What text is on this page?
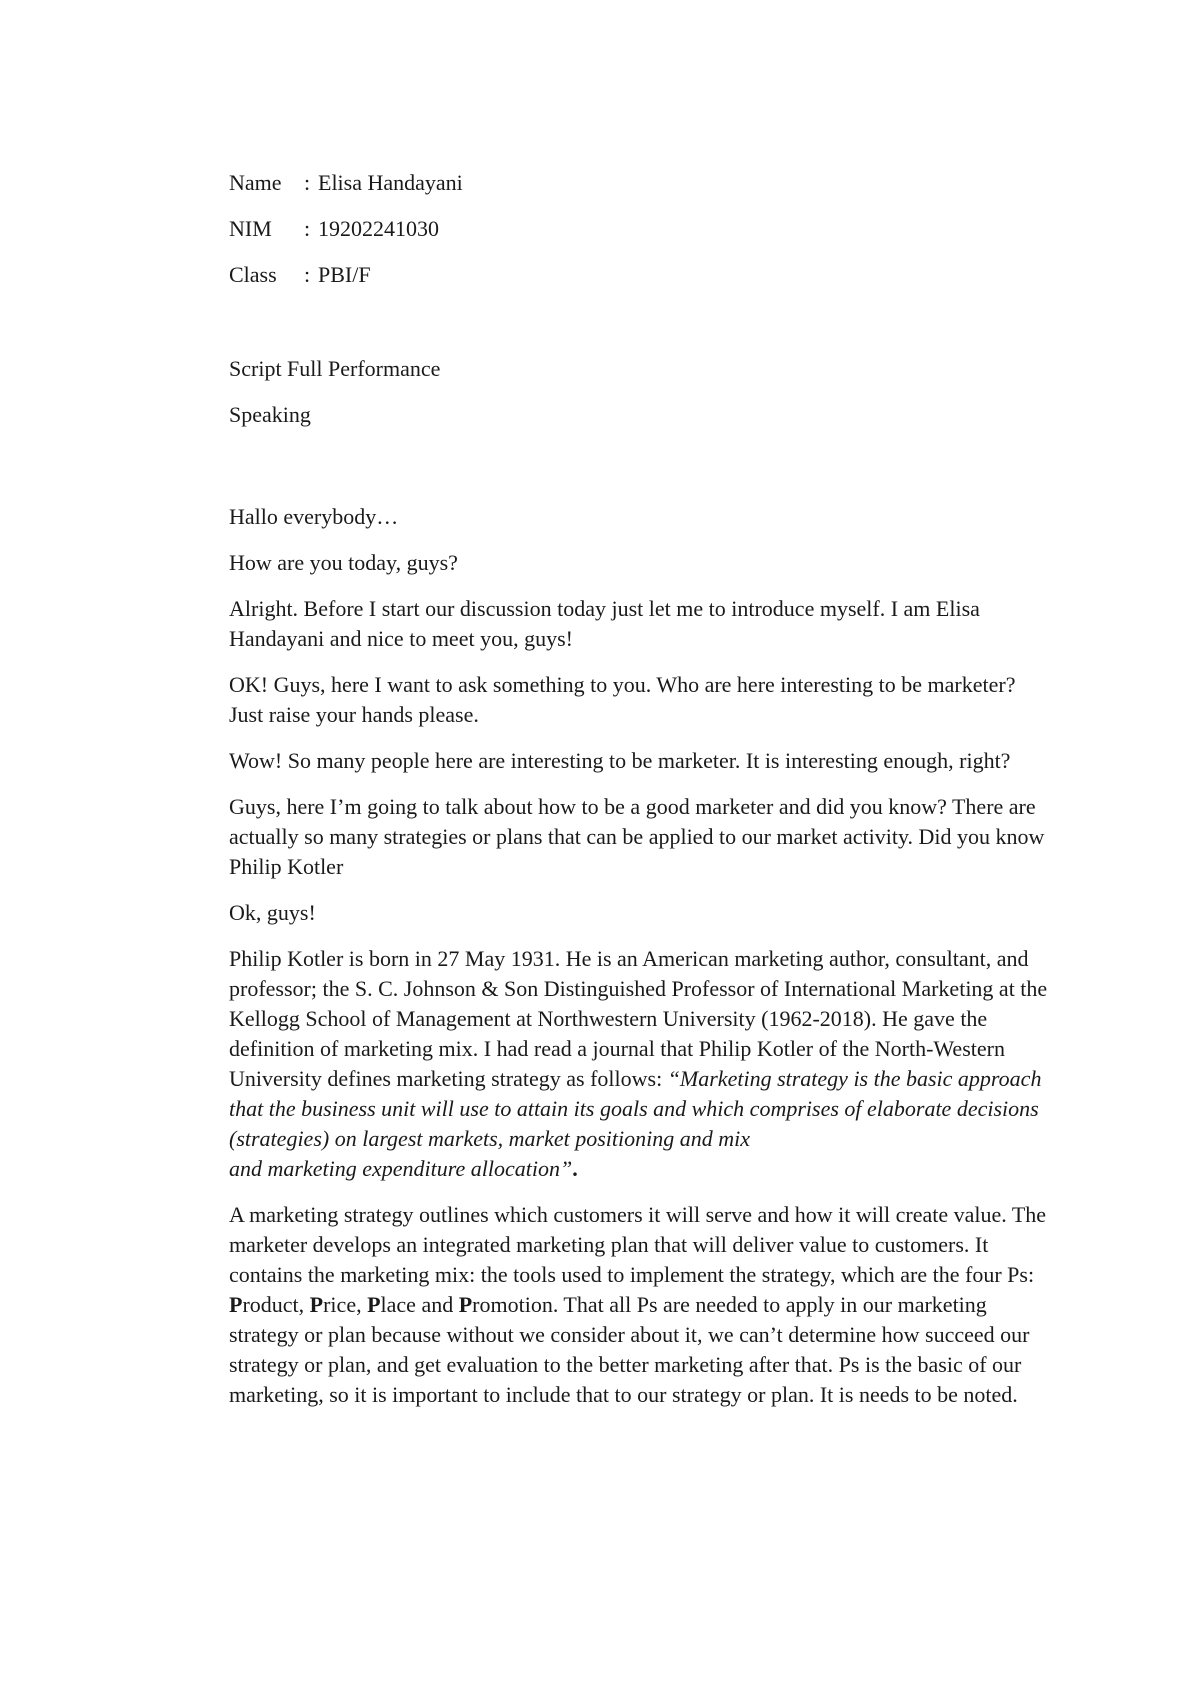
Name	: Elisa Handayani
NIM	: 19202241030
Class	: PBI/F
Script Full Performance
Speaking

Hallo everybody…

How are you today, guys?

Alright. Before I start our discussion today just let me to introduce myself. I am Elisa Handayani and nice to meet you, guys!

OK! Guys, here I want to ask something to you. Who are here interesting to be marketer? Just raise your hands please.

Wow! So many people here are interesting to be marketer. It is interesting enough, right?

Guys, here I’m going to talk about how to be a good marketer and did you know? There are actually so many strategies or plans that can be applied to our market activity. Did you know Philip Kotler

Ok, guys!

Philip Kotler is born in 27 May 1931. He is an American marketing author, consultant, and professor; the S. C. Johnson & Son Distinguished Professor of International Marketing at the Kellogg School of Management at Northwestern University (1962-2018). He gave the definition of marketing mix. I had read a journal that Philip Kotler of the North-Western University defines marketing strategy as follows: “Marketing strategy is the basic approach that the business unit will use to attain its goals and which comprises of elaborate decisions (strategies) on largest markets, market positioning and mix
and marketing expenditure allocation”.

A marketing strategy outlines which customers it will serve and how it will create value. The marketer develops an integrated marketing plan that will deliver value to customers. It contains the marketing mix: the tools used to implement the strategy, which are the four Ps: Product, Price, Place and Promotion. That all Ps are needed to apply in our marketing strategy or plan because without we consider about it, we can’t determine how succeed our strategy or plan, and get evaluation to the better marketing after that. Ps is the basic of our marketing, so it is important to include that to our strategy or plan. It is needs to be noted.
